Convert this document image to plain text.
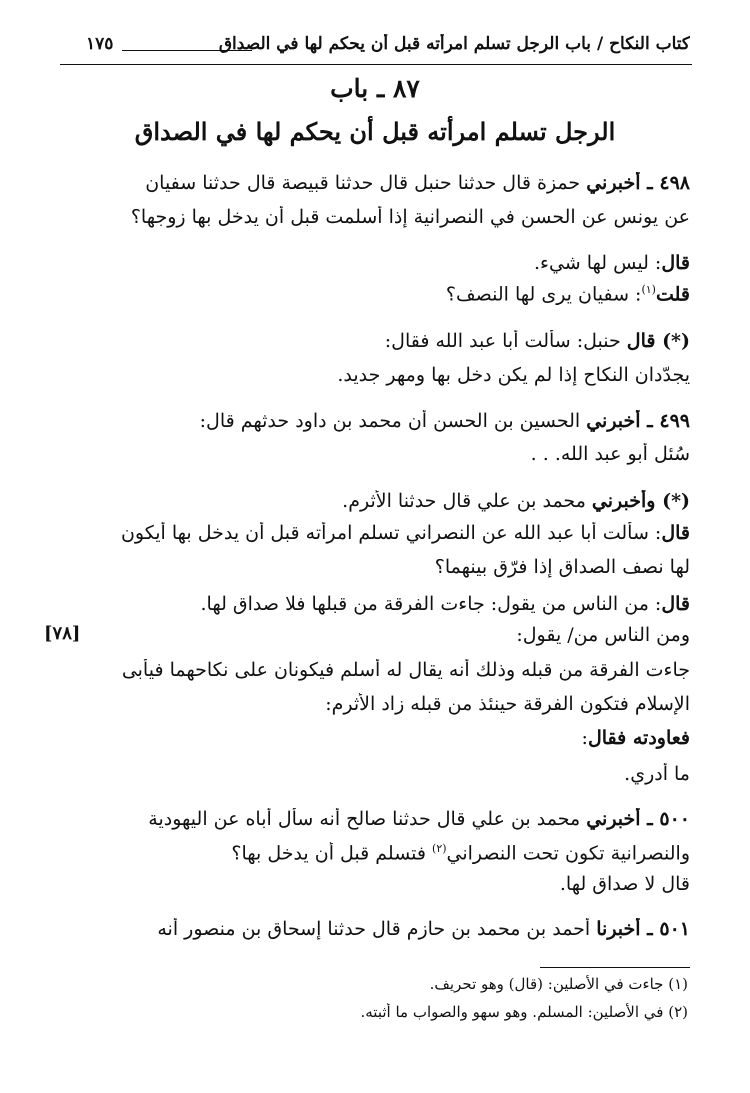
كتاب النكاح / باب الرجل تسلم امرأته قبل أن يحكم لها في الصداق
١٧٥
٨٧ ـ باب
الرجل تسلم امرأته قبل أن يحكم لها في الصداق
٤٩٨ ـ أخبرني حمزة قال حدثنا حنبل قال حدثنا قبيصة قال حدثنا سفيان
عن يونس عن الحسن في النصرانية إذا أسلمت قبل أن يدخل بها زوجها؟
قال: ليس لها شيء.
قلت$^{(١)}$: سفيان يرى لها النصف؟
(*) قال حنبل: سألت أبا عبد الله فقال:
يجدّدان النكاح إذا لم يكن دخل بها ومهر جديد.
٤٩٩ ـ أخبرني الحسين بن الحسن أن محمد بن داود حدثهم قال:
سُئل أبو عبد الله. . .
(*) وأخبرني محمد بن علي قال حدثنا الأثرم.
قال: سألت أبا عبد الله عن النصراني تسلم امرأته قبل أن يدخل بها أيكون
لها نصف الصداق إذا فرّق بينهما؟
قال: من الناس من يقول: جاءت الفرقة من قبلها فلا صداق لها.
ومن الناس من/ يقول:
[٧٨]
جاءت الفرقة من قبله وذلك أنه يقال له أسلم فيكونان على نكاحهما فيأبى
الإسلام فتكون الفرقة حينئذ من قبله زاد الأثرم:
فعاودته فقال:
ما أدري.
٥٠٠ ـ أخبرني محمد بن علي قال حدثنا صالح أنه سأل أباه عن اليهودية
والنصرانية تكون تحت النصراني$^{(٢)}$ فتسلم قبل أن يدخل بها؟
قال لا صداق لها.
٥٠١ ـ أخبرنا أحمد بن محمد بن حازم قال حدثنا إسحاق بن منصور أنه
(١) جاءت في الأصلين: (قال) وهو تحريف.
(٢) في الأصلين: المسلم. وهو سهو والصواب ما أثبته.
